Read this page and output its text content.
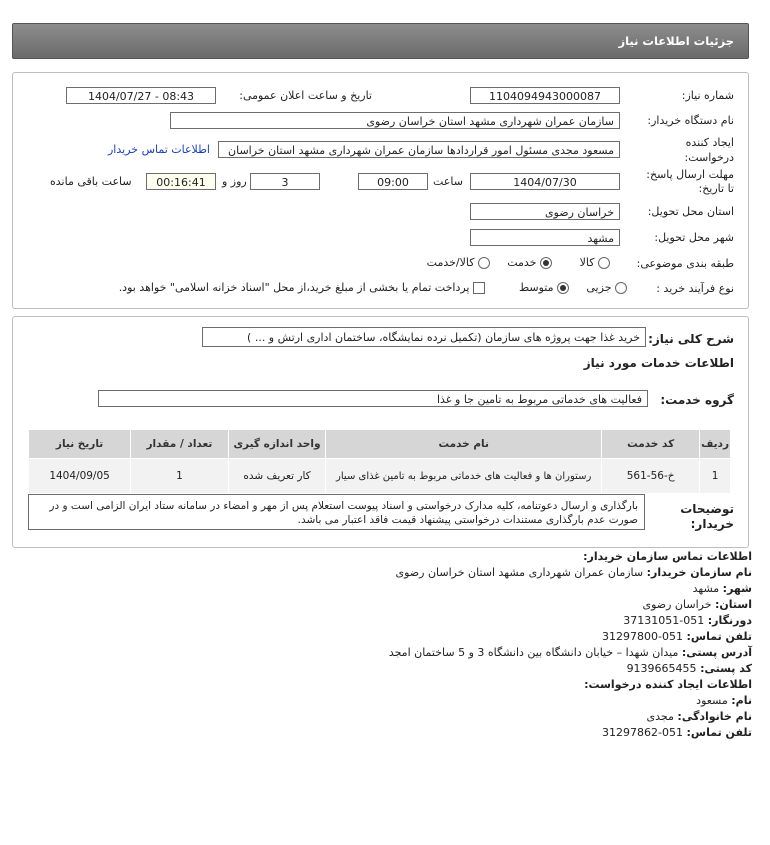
جزئیات اطلاعات نیاز
شماره نیاز:
1104094943000087
تاریخ و ساعت اعلان عمومی:
1404/07/27 - 08:43
نام دستگاه خریدار:
سازمان عمران شهرداری مشهد استان خراسان رضوی
ایجاد کننده
درخواست:
مسعود مجدی مسئول امور قراردادها سازمان عمران شهرداری مشهد استان خراسان
اطلاعات تماس خریدار
مهلت ارسال پاسخ:
تا تاریخ:
1404/07/30
ساعت
09:00
3
روز و
00:16:41
ساعت باقی مانده
استان محل تحویل:
خراسان رضوی
شهر محل تحویل:
مشهد
طبقه بندی موضوعی:
کالا
خدمت
کالا/خدمت
نوع فرآیند خرید :
جزیی
متوسط
پرداخت تمام یا بخشی از مبلغ خرید،از محل "اسناد خزانه اسلامی" خواهد بود.
شرح کلی نیاز:
خرید غذا جهت پروژه های سازمان (تکمیل نرده نمایشگاه، ساختمان اداری ارتش و ... )
اطلاعات خدمات مورد نیاز
گروه خدمت:
فعالیت های خدماتی مربوط به تامین جا و غذا
ردیف	کد خدمت	نام خدمت	واحد اندازه گیری	تعداد / مقدار	تاریخ نیاز
1	خ-56-561	رستوران ها و فعالیت های خدماتی مربوط به تامین غذای سیار	کار تعریف شده	1	1404/09/05
توضیحات
خریدار:
بارگذاری و ارسال دعوتنامه، کلیه مدارک درخواستی و اسناد پیوست استعلام پس از مهر و امضاء در سامانه ستاد ایران الزامی است و در صورت عدم بارگذاری مستندات درخواستی پیشنهاد قیمت فاقد اعتبار می باشد.
اطلاعات تماس سازمان خریدار:
نام سازمان خریدار: سازمان عمران شهرداری مشهد استان خراسان رضوی
شهر: مشهد
استان: خراسان رضوی
دورنگار: 051-37131051
تلفن تماس: 051-31297800
آدرس پستی: میدان شهدا – خیابان دانشگاه بین دانشگاه 3 و 5 ساختمان امجد
کد پستی: 9139665455
اطلاعات ایجاد کننده درخواست:
نام: مسعود
نام خانوادگی: مجدی
تلفن تماس: 051-31297862
